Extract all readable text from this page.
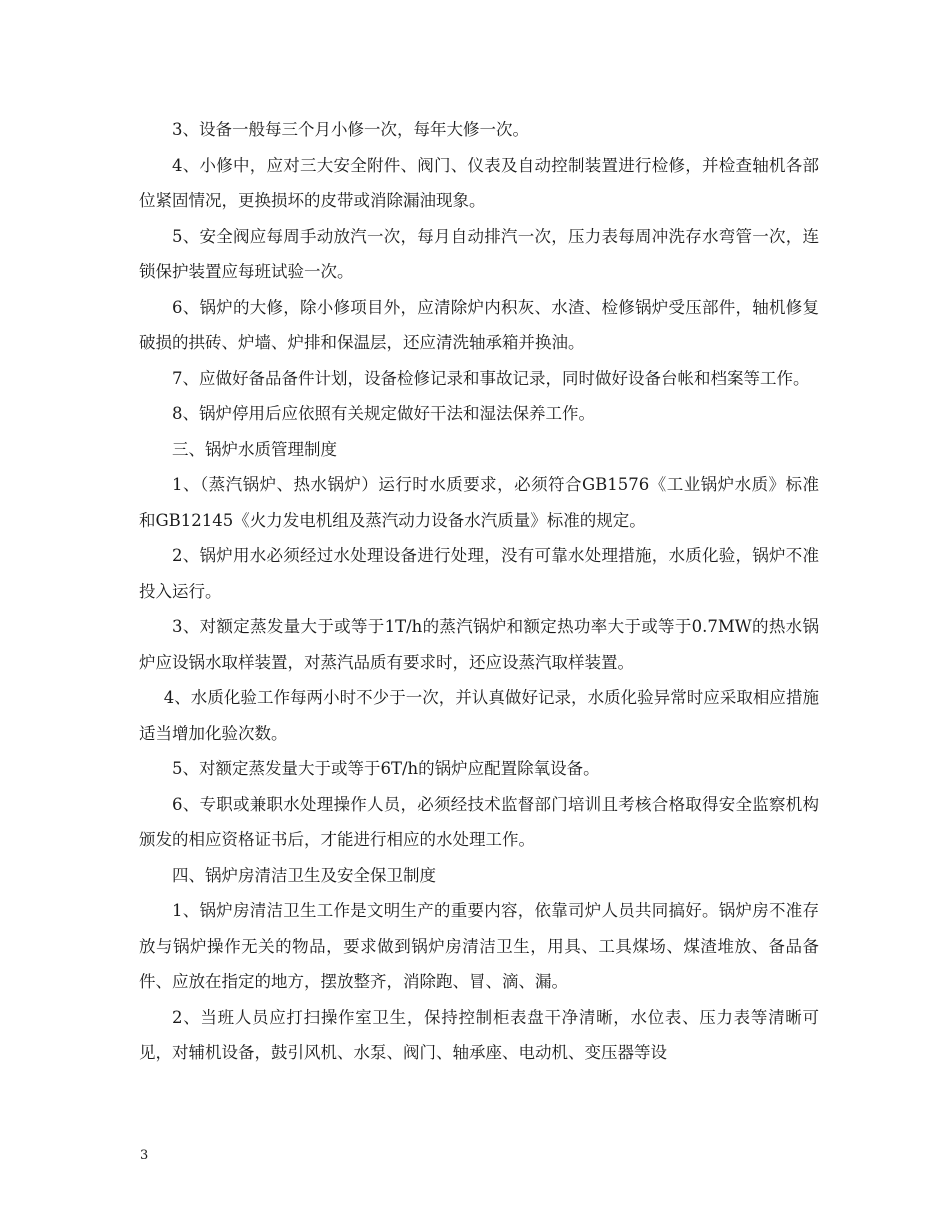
3、设备一般每三个月小修一次，每年大修一次。

4、小修中，应对三大安全附件、阀门、仪表及自动控制装置进行检修，并检查轴机各部位紧固情况，更换损坏的皮带或消除漏油现象。

5、安全阀应每周手动放汽一次，每月自动排汽一次，压力表每周冲洗存水弯管一次，连锁保护装置应每班试验一次。

6、锅炉的大修，除小修项目外，应清除炉内积灰、水渣、检修锅炉受压部件，轴机修复破损的拱砖、炉墙、炉排和保温层，还应清洗轴承箱并换油。

7、应做好备品备件计划，设备检修记录和事故记录，同时做好设备台帐和档案等工作。

8、锅炉停用后应依照有关规定做好干法和湿法保养工作。

三、锅炉水质管理制度

1、（蒸汽锅炉、热水锅炉）运行时水质要求，必须符合GB1576《工业锅炉水质》标准和GB12145《火力发电机组及蒸汽动力设备水汽质量》标准的规定。

2、锅炉用水必须经过水处理设备进行处理，没有可靠水处理措施，水质化验，锅炉不准投入运行。

3、对额定蒸发量大于或等于1T/h的蒸汽锅炉和额定热功率大于或等于0.7MW的热水锅炉应设锅水取样装置，对蒸汽品质有要求时，还应设蒸汽取样装置。

4、水质化验工作每两小时不少于一次，并认真做好记录，水质化验异常时应采取相应措施适当增加化验次数。

5、对额定蒸发量大于或等于6T/h的锅炉应配置除氧设备。

6、专职或兼职水处理操作人员，必须经技术监督部门培训且考核合格取得安全监察机构颁发的相应资格证书后，才能进行相应的水处理工作。

四、锅炉房清洁卫生及安全保卫制度

1、锅炉房清洁卫生工作是文明生产的重要内容，依靠司炉人员共同搞好。锅炉房不准存放与锅炉操作无关的物品，要求做到锅炉房清洁卫生，用具、工具煤场、煤渣堆放、备品备件、应放在指定的地方，摆放整齐，消除跑、冒、滴、漏。

2、当班人员应打扫操作室卫生，保持控制柜表盘干净清晰，水位表、压力表等清晰可见，对辅机设备，鼓引风机、水泵、阀门、轴承座、电动机、变压器等设

3
